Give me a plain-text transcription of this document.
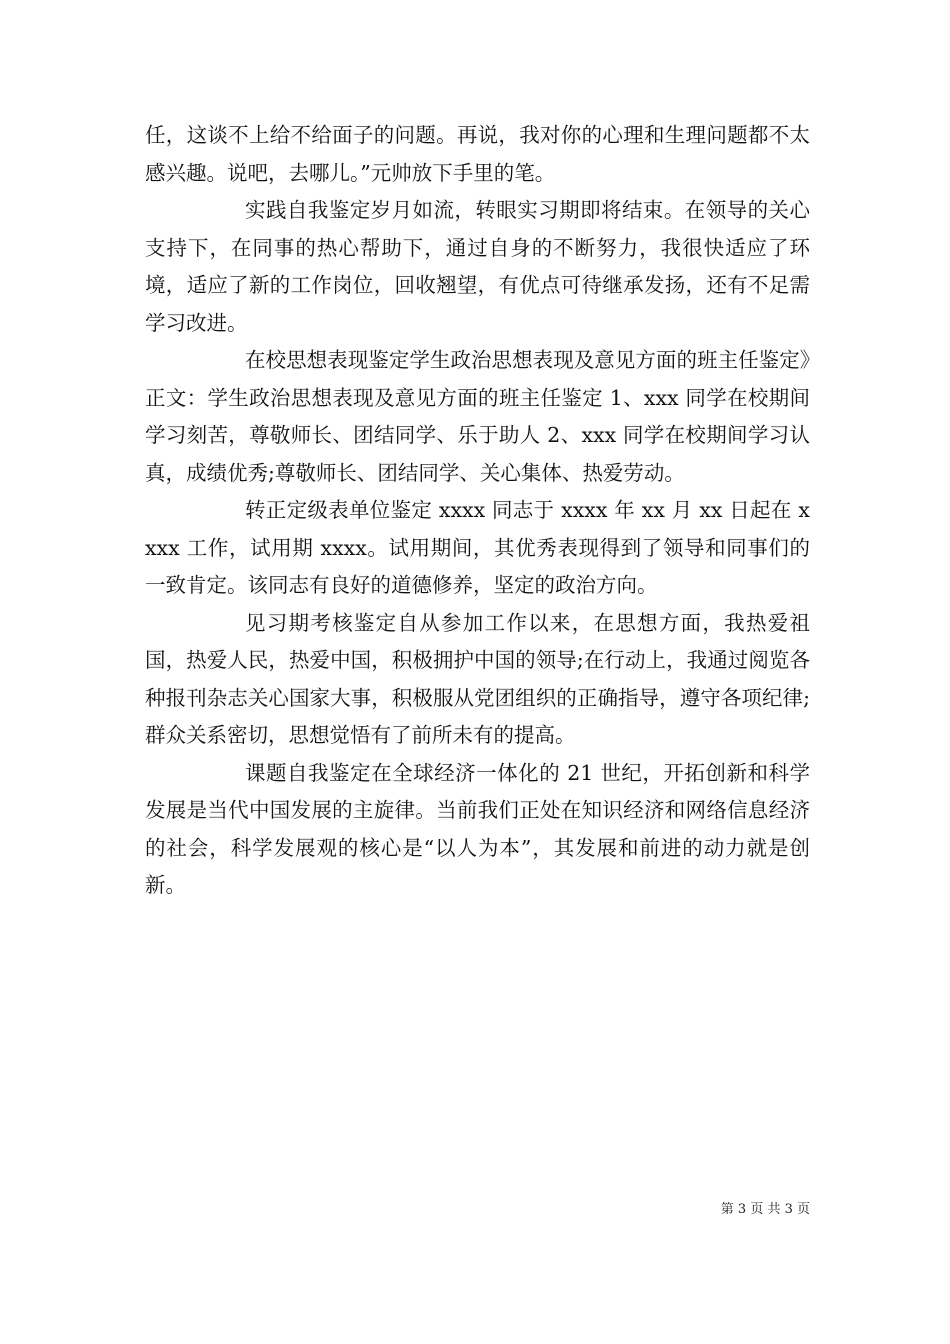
任，这谈不上给不给面子的问题。再说，我对你的心理和生理问题都不太感兴趣。说吧，去哪儿。”元帅放下手里的笔。

实践自我鉴定岁月如流，转眼实习期即将结束。在领导的关心支持下，在同事的热心帮助下，通过自身的不断努力，我很快适应了环境，适应了新的工作岗位，回收翘望，有优点可待继承发扬，还有不足需学习改进。

在校思想表现鉴定学生政治思想表现及意见方面的班主任鉴定》正文：学生政治思想表现及意见方面的班主任鉴定 1、xxx 同学在校期间学习刻苦，尊敬师长、团结同学、乐于助人 2、xxx 同学在校期间学习认真，成绩优秀;尊敬师长、团结同学、关心集体、热爱劳动。

转正定级表单位鉴定 xxxx 同志于 xxxx 年 xx 月 xx 日起在 xxxx 工作，试用期 xxxx。试用期间，其优秀表现得到了领导和同事们的一致肯定。该同志有良好的道德修养，坚定的政治方向。

见习期考核鉴定自从参加工作以来，在思想方面，我热爱祖国，热爱人民，热爱中国，积极拥护中国的领导;在行动上，我通过阅览各种报刊杂志关心国家大事，积极服从党团组织的正确指导，遵守各项纪律;群众关系密切，思想觉悟有了前所未有的提高。

课题自我鉴定在全球经济一体化的 21 世纪，开拓创新和科学发展是当代中国发展的主旋律。当前我们正处在知识经济和网络信息经济的社会，科学发展观的核心是“以人为本”，其发展和前进的动力就是创新。

第 3 页 共 3 页
